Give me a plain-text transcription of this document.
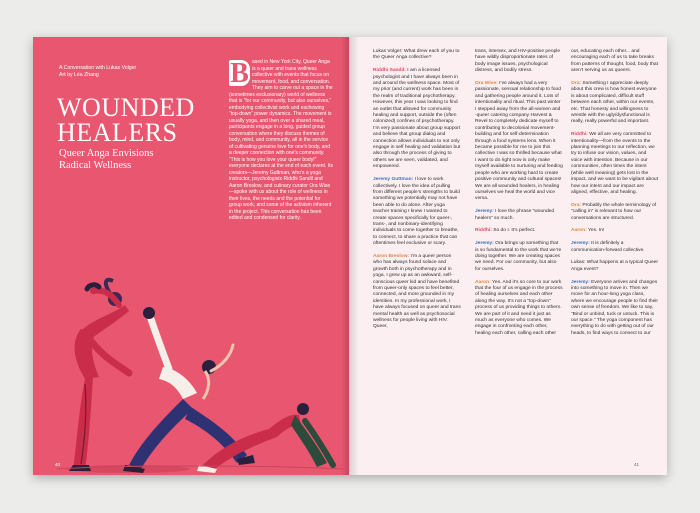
A Conversation with Lukas Volger
Art by Léa Zhang
WOUNDED
HEALERS
Queer Anga Envisions
Radical Wellness
B ased in New York City, Queer Anga is a queer and trans wellness collective with events that focus on movement, food, and conversation. They aim to carve out a space in the (sometimes exclusionary) world of wellness that is “for our community, but also ourselves,” embodying collectivist work and eschewing “top-down” power dynamics. The movement is usually yoga, and then over a shared meal, participants engage in a long, guided group conversation where they discuss themes of body, mind, and community, all in the service of cultivating genuine love for one’s body, and a deeper connection with one’s community. “This is how you love your queer body!” everyone declares at the end of each event. Its creators—Jeremy Guttman, who’s a yoga instructor, psychologists Riddhi Sandil and Aaron Breslow, and culinary curator Ora Wise—spoke with us about the role of wellness in their lives, the needs and the potential for group work, and some of the activism inherent in the project. This conversation has been edited and condensed for clarity.
40

Lukas Volger: What drew each of you to the Queer Anga collective?

Riddhi Sandil: I am a licensed psychologist and I have always been in and around the wellness space. Most of my prior (and current) work has been in the realm of traditional psychotherapy. However, this year I was looking to find an outlet that allowed for community healing and support, outside the (often colonized) confines of psychotherapy. I’m very passionate about group support and believe that group dialog and connection allows individuals to not only engage in self healing and validation but also through the process of giving to others we are seen, validated, and empowered.

Jeremy Guttman: I love to work collectively. I love the idea of pulling from different people’s strengths to build something we potentially may not have been able to do alone. After yoga teacher training I knew I wanted to create spaces specifically for queer-, trans-, and nonbinary-identifying individuals to come together to breathe, to connect, to share a practice that can oftentimes feel exclusive or scary.

Aaron Breslow: I’m a queer person who has always found solace and growth both in psychotherapy and in yoga. I grew up as an awkward, self-conscious queer kid and have benefited from queer-only spaces to feel better, connected, and more grounded in my identities. In my professional work, I have always focused on queer and trans mental health as well as psychosocial wellness for people living with HIV. Queer,

trans, intersex, and HIV-positive people have wildly disproportionate rates of body image issues, psychological distress, and bodily stress.

Ora Wise: I’ve always had a very passionate, sensual relationship to food and gathering people around it. Lots of intentionality and ritual. This past winter I stepped away from the all-women and -queer catering company Harvest & Revel to completely dedicate myself to contributing to decolonial movement-building and for self-determination through a food systems lens. When it became possible for me to join this collective I was so thrilled because what I want to do right now is only make myself available to nurturing and feeding people who are working hard to create positive community and cultural spaces! We are all wounded healers, in healing ourselves we heal the world and vice versa.

Jeremy: I love the phrase “wounded healers” so much.

Riddhi: So do I. It’s perfect.

Jeremy: Ora brings up something that is so fundamental to the work that we’re doing together. We are creating spaces we need. For our community, but also for ourselves.

Aaron: Yes. And it’s so core to our work that the four of us engage in the process of healing ourselves and each other along the way. It’s not a “top-down” process of us providing things to others. We are part of it and need it just as much as everyone who comes. We engage in confronting each other, healing each other, calling each other

out, educating each other... and encouraging each of us to take breaks from patterns of thought, food, body that aren’t serving us as queers.

Ora: Something I appreciate deeply about this crew is how honest everyone is about complicated, difficult stuff between each other, within our events, etc. That honesty and willingness to wrestle with the ugly/dysfunctional is really, really powerful and important.

Riddhi: We all are very committed to intentionality—from the events to the planning meetings to our reflection, we try to infuse our vision, values, and voice with intention. Because in our communities, often times the intent (while well meaning) gets lost in the impact, and we want to be vigilant about how our intent and our impact are aligned, effective, and healing.

Ora: Probably the whole terminology of “calling in” is relevant to how our conversations are structured.

Aaron: Yes. In!

Jeremy: It is definitely a communication-forward collective.

Lukas: What happens at a typical Queer Anga event?

Jeremy: Everyone arrives and changes into something to move in. Then we move for an hour-long yoga class, where we encourage people to find their own sense of freedom. We like to say, “Bind or unbind, tuck or untuck. This is our space.” The yoga component has everything to do with getting out of our heads, to find ways to connect to our

41
